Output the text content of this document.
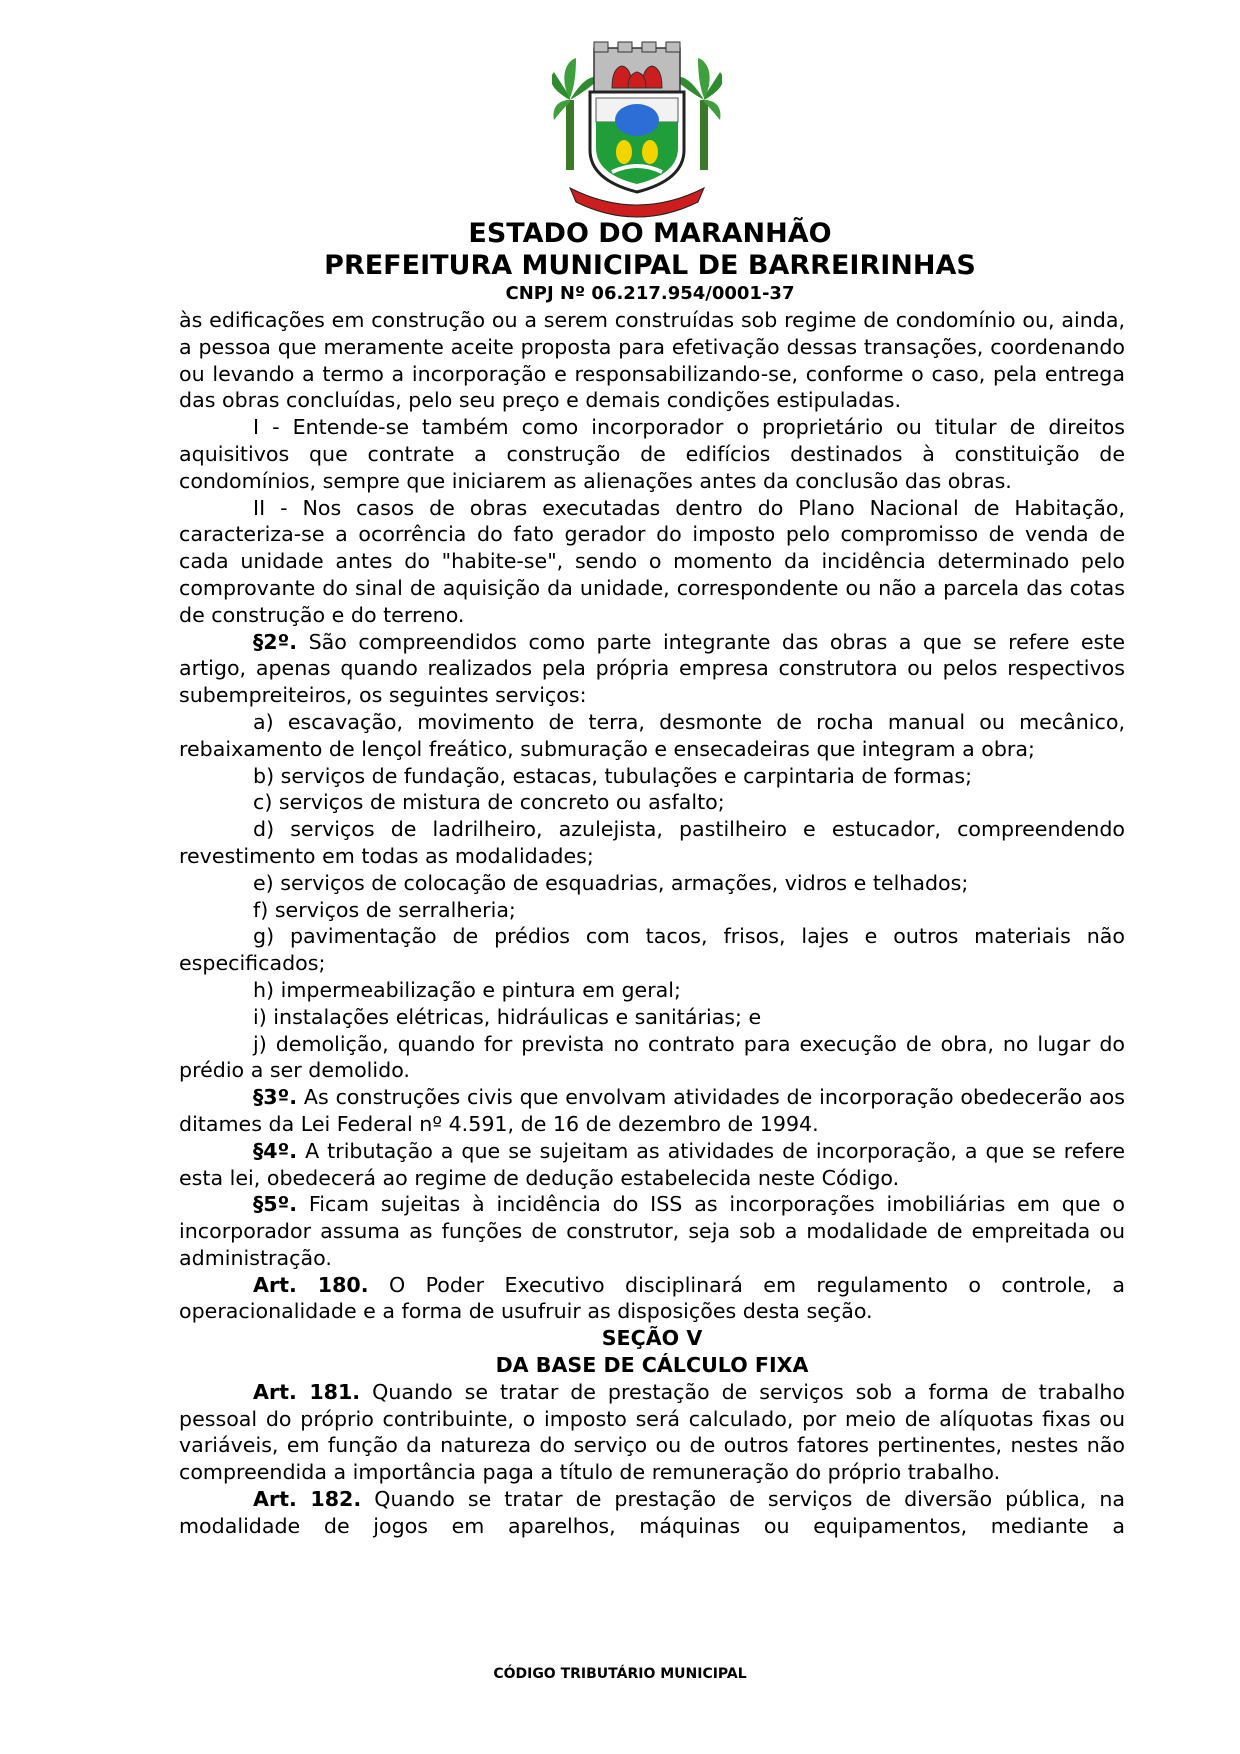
ESTADO DO MARANHÃO
PREFEITURA MUNICIPAL DE BARREIRINHAS
CNPJ Nº 06.217.954/0001-37

às edificações em construção ou a serem construídas sob regime de condomínio ou, ainda, a pessoa que meramente aceite proposta para efetivação dessas transações, coordenando ou levando a termo a incorporação e responsabilizando-se, conforme o caso, pela entrega das obras concluídas, pelo seu preço e demais condições estipuladas.

I - Entende-se também como incorporador o proprietário ou titular de direitos aquisitivos que contrate a construção de edifícios destinados à constituição de condomínios, sempre que iniciarem as alienações antes da conclusão das obras.

II - Nos casos de obras executadas dentro do Plano Nacional de Habitação, caracteriza-se a ocorrência do fato gerador do imposto pelo compromisso de venda de cada unidade antes do "habite-se", sendo o momento da incidência determinado pelo comprovante do sinal de aquisição da unidade, correspondente ou não a parcela das cotas de construção e do terreno.

§2º. São compreendidos como parte integrante das obras a que se refere este artigo, apenas quando realizados pela própria empresa construtora ou pelos respectivos subempreiteiros, os seguintes serviços:

a) escavação, movimento de terra, desmonte de rocha manual ou mecânico, rebaixamento de lençol freático, submuração e ensecadeiras que integram a obra;

b) serviços de fundação, estacas, tubulações e carpintaria de formas;

c) serviços de mistura de concreto ou asfalto;

d) serviços de ladrilheiro, azulejista, pastilheiro e estucador, compreendendo revestimento em todas as modalidades;

e) serviços de colocação de esquadrias, armações, vidros e telhados;

f) serviços de serralheria;

g) pavimentação de prédios com tacos, frisos, lajes e outros materiais não especificados;

h) impermeabilização e pintura em geral;

i) instalações elétricas, hidráulicas e sanitárias; e

j) demolição, quando for prevista no contrato para execução de obra, no lugar do prédio a ser demolido.

§3º. As construções civis que envolvam atividades de incorporação obedecerão aos ditames da Lei Federal nº 4.591, de 16 de dezembro de 1994.

§4º. A tributação a que se sujeitam as atividades de incorporação, a que se refere esta lei, obedecerá ao regime de dedução estabelecida neste Código.

§5º. Ficam sujeitas à incidência do ISS as incorporações imobiliárias em que o incorporador assuma as funções de construtor, seja sob a modalidade de empreitada ou administração.

Art. 180. O Poder Executivo disciplinará em regulamento o controle, a operacionalidade e a forma de usufruir as disposições desta seção.

SEÇÃO V

DA BASE DE CÁLCULO FIXA

Art. 181. Quando se tratar de prestação de serviços sob a forma de trabalho pessoal do próprio contribuinte, o imposto será calculado, por meio de alíquotas fixas ou variáveis, em função da natureza do serviço ou de outros fatores pertinentes, nestes não compreendida a importância paga a título de remuneração do próprio trabalho.

Art. 182. Quando se tratar de prestação de serviços de diversão pública, na modalidade de jogos em aparelhos, máquinas ou equipamentos, mediante a

CÓDIGO TRIBUTÁRIO MUNICIPAL
